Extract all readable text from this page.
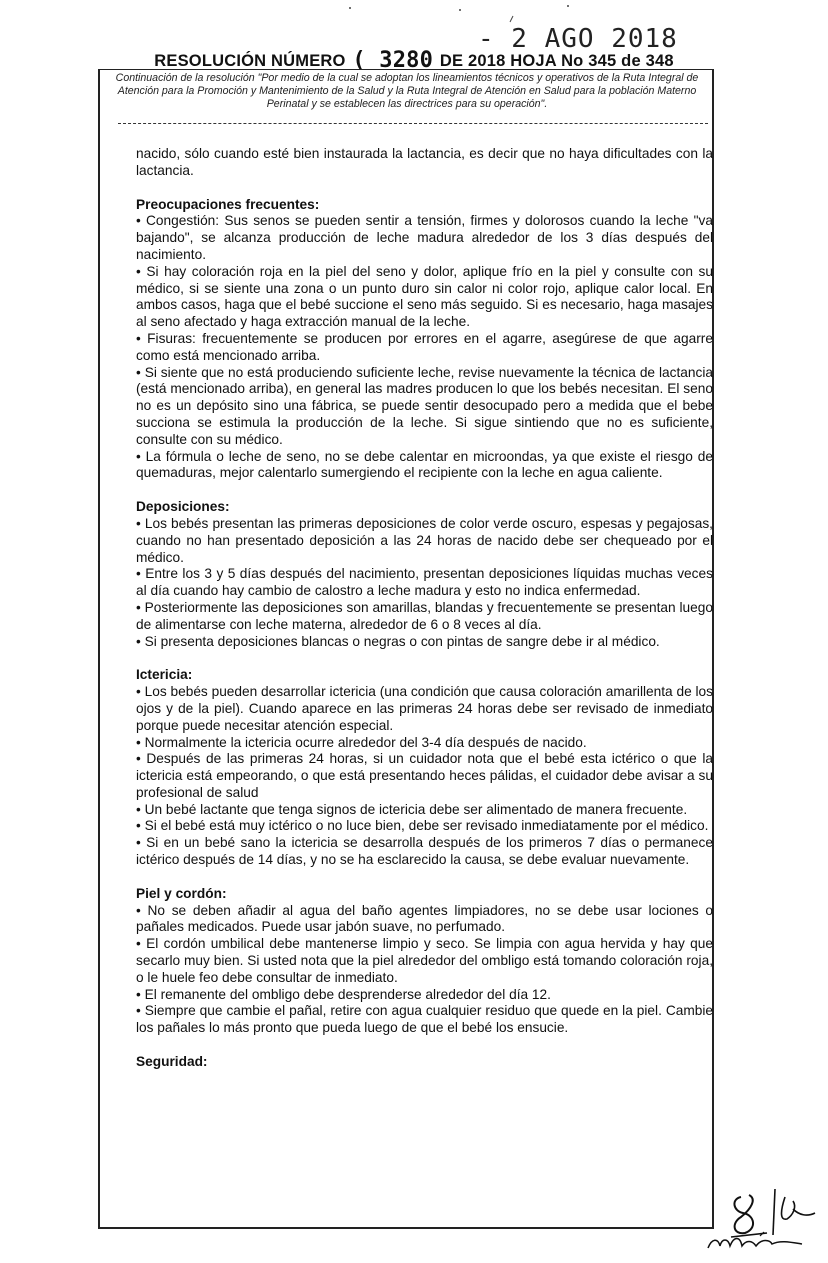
- 2 AGO 2018
RESOLUCIÓN NÚMERO ( 3280 DE 2018 HOJA No 345 de 348
Continuación de la resolución "Por medio de la cual se adoptan los lineamientos técnicos y operativos de la Ruta Integral de Atención para la Promoción y Mantenimiento de la Salud y la Ruta Integral de Atención en Salud para la población Materno Perinatal y se establecen las directrices para su operación".

nacido, sólo cuando esté bien instaurada la lactancia, es decir que no haya dificultades con la lactancia.

Preocupaciones frecuentes:

• Congestión: Sus senos se pueden sentir a tensión, firmes y dolorosos cuando la leche "va bajando", se alcanza producción de leche madura alrededor de los 3 días después del nacimiento.

• Si hay coloración roja en la piel del seno y dolor, aplique frío en la piel y consulte con su médico, si se siente una zona o un punto duro sin calor ni color rojo, aplique calor local. En ambos casos, haga que el bebé succione el seno más seguido. Si es necesario, haga masajes al seno afectado y haga extracción manual de la leche.

• Fisuras: frecuentemente se producen por errores en el agarre, asegúrese de que agarre como está mencionado arriba.

• Si siente que no está produciendo suficiente leche, revise nuevamente la técnica de lactancia (está mencionado arriba), en general las madres producen lo que los bebés necesitan. El seno no es un depósito sino una fábrica, se puede sentir desocupado pero a medida que el bebe succiona se estimula la producción de la leche. Si sigue sintiendo que no es suficiente, consulte con su médico.

• La fórmula o leche de seno, no se debe calentar en microondas, ya que existe el riesgo de quemaduras, mejor calentarlo sumergiendo el recipiente con la leche en agua caliente.

Deposiciones:

• Los bebés presentan las primeras deposiciones de color verde oscuro, espesas y pegajosas, cuando no han presentado deposición a las 24 horas de nacido debe ser chequeado por el médico.

• Entre los 3 y 5 días después del nacimiento, presentan deposiciones líquidas muchas veces al día cuando hay cambio de calostro a leche madura y esto no indica enfermedad.

• Posteriormente las deposiciones son amarillas, blandas y frecuentemente se presentan luego de alimentarse con leche materna, alrededor de 6 o 8 veces al día.

• Si presenta deposiciones blancas o negras o con pintas de sangre debe ir al médico.

Ictericia:

• Los bebés pueden desarrollar ictericia (una condición que causa coloración amarillenta de los ojos y de la piel). Cuando aparece en las primeras 24 horas debe ser revisado de inmediato porque puede necesitar atención especial.

• Normalmente la ictericia ocurre alrededor del 3-4 día después de nacido.

• Después de las primeras 24 horas, si un cuidador nota que el bebé esta ictérico o que la ictericia está empeorando, o que está presentando heces pálidas, el cuidador debe avisar a su profesional de salud

• Un bebé lactante que tenga signos de ictericia debe ser alimentado de manera frecuente.

• Si el bebé está muy ictérico o no luce bien, debe ser revisado inmediatamente por el médico.

• Si en un bebé sano la ictericia se desarrolla después de los primeros 7 días o permanece ictérico después de 14 días, y no se ha esclarecido la causa, se debe evaluar nuevamente.

Piel y cordón:

• No se deben añadir al agua del baño agentes limpiadores, no se debe usar lociones o pañales medicados. Puede usar jabón suave, no perfumado.

• El cordón umbilical debe mantenerse limpio y seco. Se limpia con agua hervida y hay que secarlo muy bien. Si usted nota que la piel alrededor del ombligo está tomando coloración roja, o le huele feo debe consultar de inmediato.

• El remanente del ombligo debe desprenderse alrededor del día 12.

• Siempre que cambie el pañal, retire con agua cualquier residuo que quede en la piel. Cambie los pañales lo más pronto que pueda luego de que el bebé los ensucie.

Seguridad:
